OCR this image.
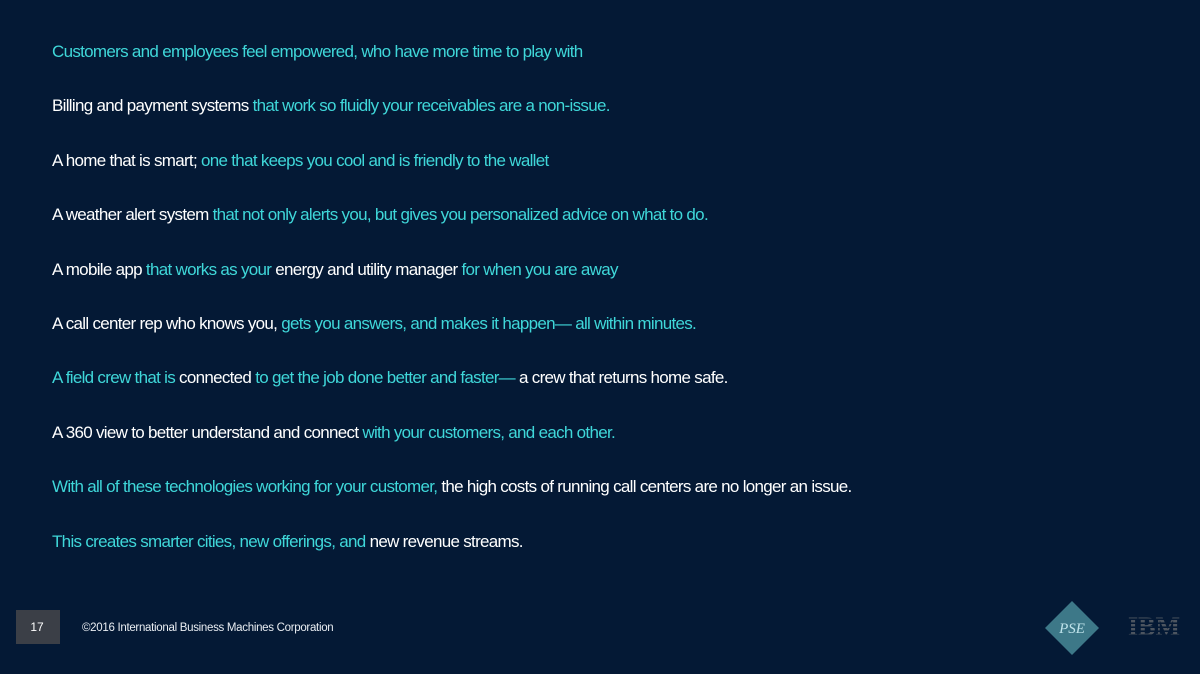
Customers and employees feel empowered, who have more time to play with
Billing and payment systems that work so fluidly your receivables are a non-issue.
A home that is smart; one that keeps you cool and is friendly to the wallet
A weather alert system that not only alerts you, but gives you personalized advice on what to do.
A mobile app that works as your energy and utility manager for when you are away
A call center rep who knows you, gets you answers, and makes it happen— all within minutes.
A field crew that is connected to get the job done better and faster— a crew that returns home safe.
A 360 view to better understand and connect with your customers, and each other.
With all of these technologies working for your customer, the high costs of running call centers are no longer an issue.
This creates smarter cities, new offerings, and new revenue streams.
17	©2016 International Business Machines Corporation	PSE IBM
